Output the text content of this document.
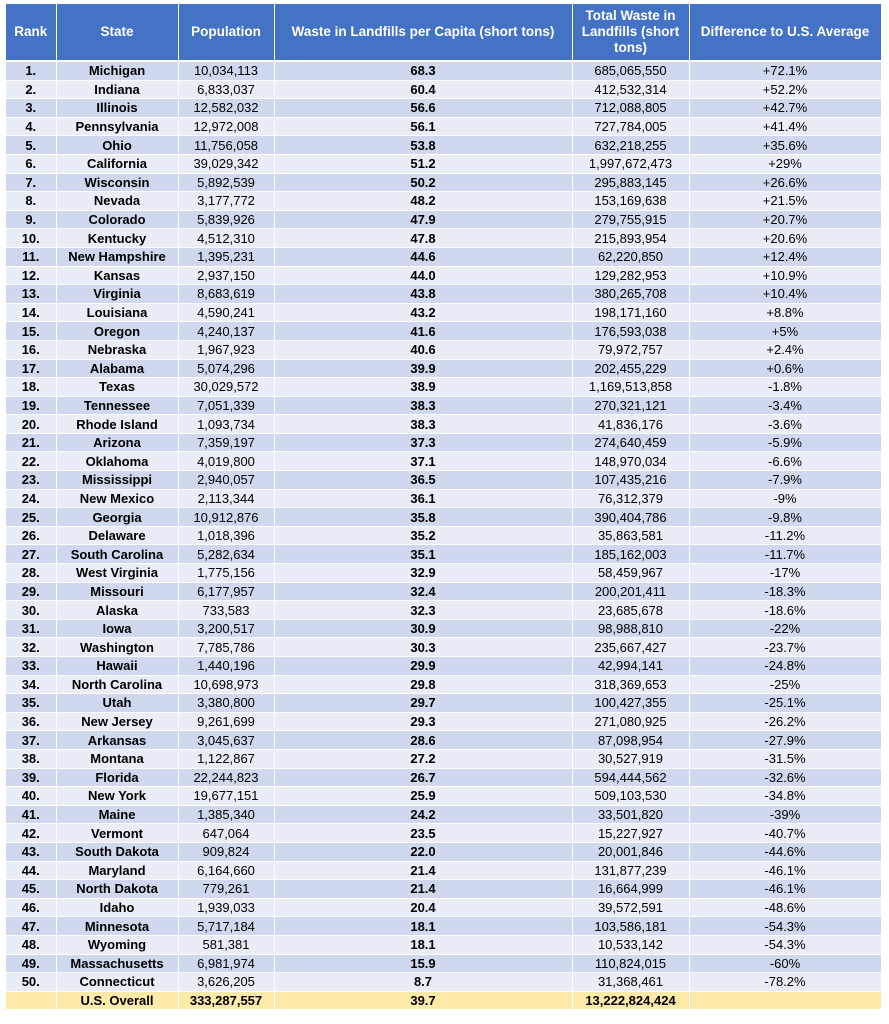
Rank	State	Population	Waste in Landfills per Capita (short tons)	Total Waste in Landfills (short tons)	Difference to U.S. Average
1.	Michigan	10,034,113	68.3	685,065,550	+72.1%
2.	Indiana	6,833,037	60.4	412,532,314	+52.2%
3.	Illinois	12,582,032	56.6	712,088,805	+42.7%
4.	Pennsylvania	12,972,008	56.1	727,784,005	+41.4%
5.	Ohio	11,756,058	53.8	632,218,255	+35.6%
6.	California	39,029,342	51.2	1,997,672,473	+29%
7.	Wisconsin	5,892,539	50.2	295,883,145	+26.6%
8.	Nevada	3,177,772	48.2	153,169,638	+21.5%
9.	Colorado	5,839,926	47.9	279,755,915	+20.7%
10.	Kentucky	4,512,310	47.8	215,893,954	+20.6%
11.	New Hampshire	1,395,231	44.6	62,220,850	+12.4%
12.	Kansas	2,937,150	44.0	129,282,953	+10.9%
13.	Virginia	8,683,619	43.8	380,265,708	+10.4%
14.	Louisiana	4,590,241	43.2	198,171,160	+8.8%
15.	Oregon	4,240,137	41.6	176,593,038	+5%
16.	Nebraska	1,967,923	40.6	79,972,757	+2.4%
17.	Alabama	5,074,296	39.9	202,455,229	+0.6%
18.	Texas	30,029,572	38.9	1,169,513,858	-1.8%
19.	Tennessee	7,051,339	38.3	270,321,121	-3.4%
20.	Rhode Island	1,093,734	38.3	41,836,176	-3.6%
21.	Arizona	7,359,197	37.3	274,640,459	-5.9%
22.	Oklahoma	4,019,800	37.1	148,970,034	-6.6%
23.	Mississippi	2,940,057	36.5	107,435,216	-7.9%
24.	New Mexico	2,113,344	36.1	76,312,379	-9%
25.	Georgia	10,912,876	35.8	390,404,786	-9.8%
26.	Delaware	1,018,396	35.2	35,863,581	-11.2%
27.	South Carolina	5,282,634	35.1	185,162,003	-11.7%
28.	West Virginia	1,775,156	32.9	58,459,967	-17%
29.	Missouri	6,177,957	32.4	200,201,411	-18.3%
30.	Alaska	733,583	32.3	23,685,678	-18.6%
31.	Iowa	3,200,517	30.9	98,988,810	-22%
32.	Washington	7,785,786	30.3	235,667,427	-23.7%
33.	Hawaii	1,440,196	29.9	42,994,141	-24.8%
34.	North Carolina	10,698,973	29.8	318,369,653	-25%
35.	Utah	3,380,800	29.7	100,427,355	-25.1%
36.	New Jersey	9,261,699	29.3	271,080,925	-26.2%
37.	Arkansas	3,045,637	28.6	87,098,954	-27.9%
38.	Montana	1,122,867	27.2	30,527,919	-31.5%
39.	Florida	22,244,823	26.7	594,444,562	-32.6%
40.	New York	19,677,151	25.9	509,103,530	-34.8%
41.	Maine	1,385,340	24.2	33,501,820	-39%
42.	Vermont	647,064	23.5	15,227,927	-40.7%
43.	South Dakota	909,824	22.0	20,001,846	-44.6%
44.	Maryland	6,164,660	21.4	131,877,239	-46.1%
45.	North Dakota	779,261	21.4	16,664,999	-46.1%
46.	Idaho	1,939,033	20.4	39,572,591	-48.6%
47.	Minnesota	5,717,184	18.1	103,586,181	-54.3%
48.	Wyoming	581,381	18.1	10,533,142	-54.3%
49.	Massachusetts	6,981,974	15.9	110,824,015	-60%
50.	Connecticut	3,626,205	8.7	31,368,461	-78.2%
	U.S. Overall	333,287,557	39.7	13,222,824,424	
